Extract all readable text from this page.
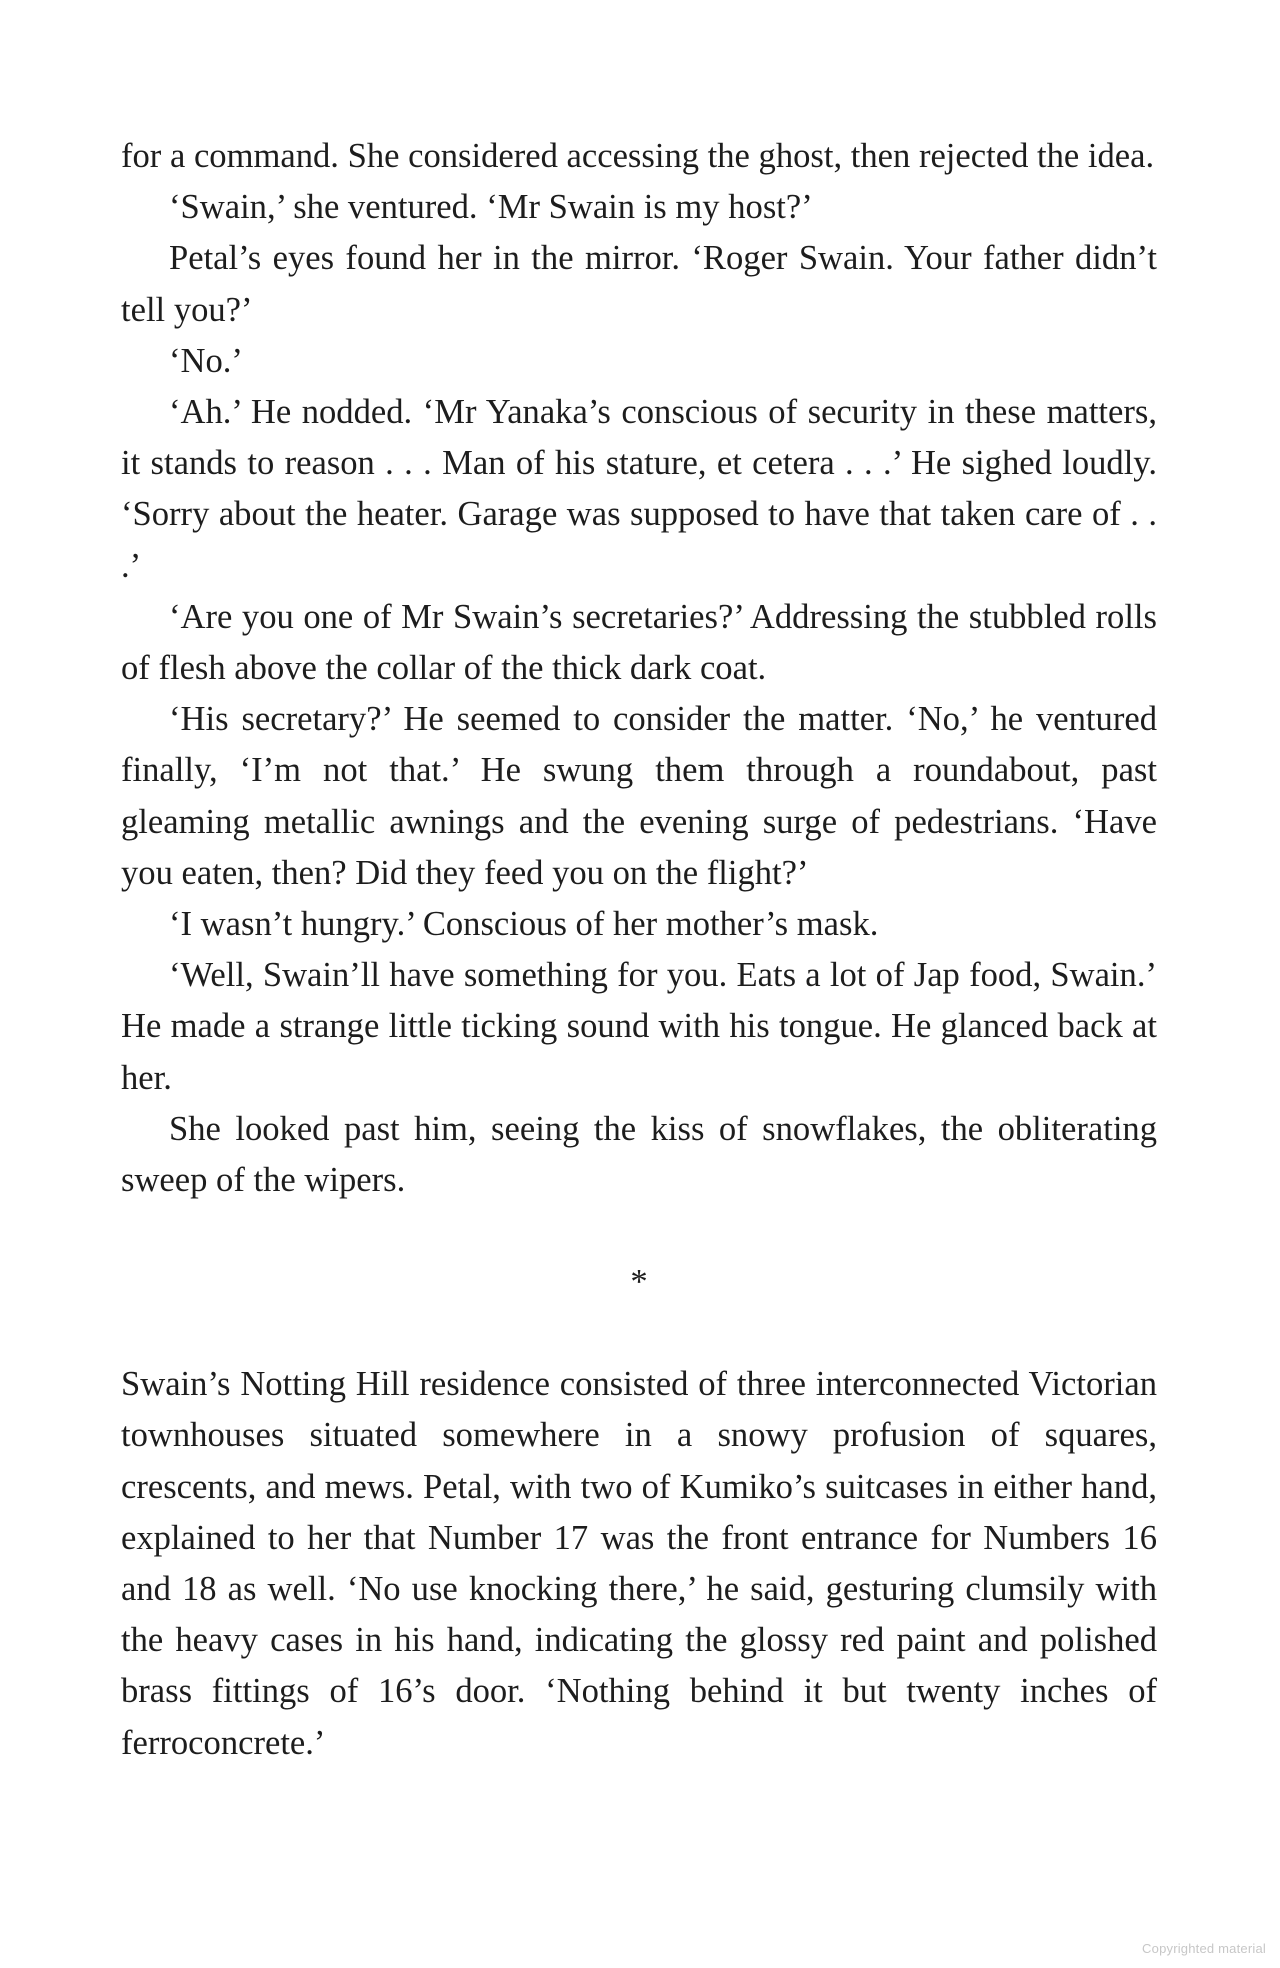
for a command. She considered accessing the ghost, then rejected the idea.

‘Swain,’ she ventured. ‘Mr Swain is my host?’

Petal’s eyes found her in the mirror. ‘Roger Swain. Your father didn’t tell you?’

‘No.’

‘Ah.’ He nodded. ‘Mr Yanaka’s conscious of security in these matters, it stands to reason . . . Man of his stature, et cetera . . .’ He sighed loudly. ‘Sorry about the heater. Garage was supposed to have that taken care of . . .’

‘Are you one of Mr Swain’s secretaries?’ Addressing the stubbled rolls of flesh above the collar of the thick dark coat.

‘His secretary?’ He seemed to consider the matter. ‘No,’ he ventured finally, ‘I’m not that.’ He swung them through a roundabout, past gleaming metallic awnings and the evening surge of pedestrians. ‘Have you eaten, then? Did they feed you on the flight?’

‘I wasn’t hungry.’ Conscious of her mother’s mask.

‘Well, Swain’ll have something for you. Eats a lot of Jap food, Swain.’ He made a strange little ticking sound with his tongue. He glanced back at her.

She looked past him, seeing the kiss of snowflakes, the obliterating sweep of the wipers.

*

Swain’s Notting Hill residence consisted of three interconnected Victorian townhouses situated somewhere in a snowy profusion of squares, crescents, and mews. Petal, with two of Kumiko’s suitcases in either hand, explained to her that Number 17 was the front entrance for Numbers 16 and 18 as well. ‘No use knocking there,’ he said, gesturing clumsily with the heavy cases in his hand, indicating the glossy red paint and polished brass fittings of 16’s door. ‘Nothing behind it but twenty inches of ferroconcrete.’

Copyrighted material
